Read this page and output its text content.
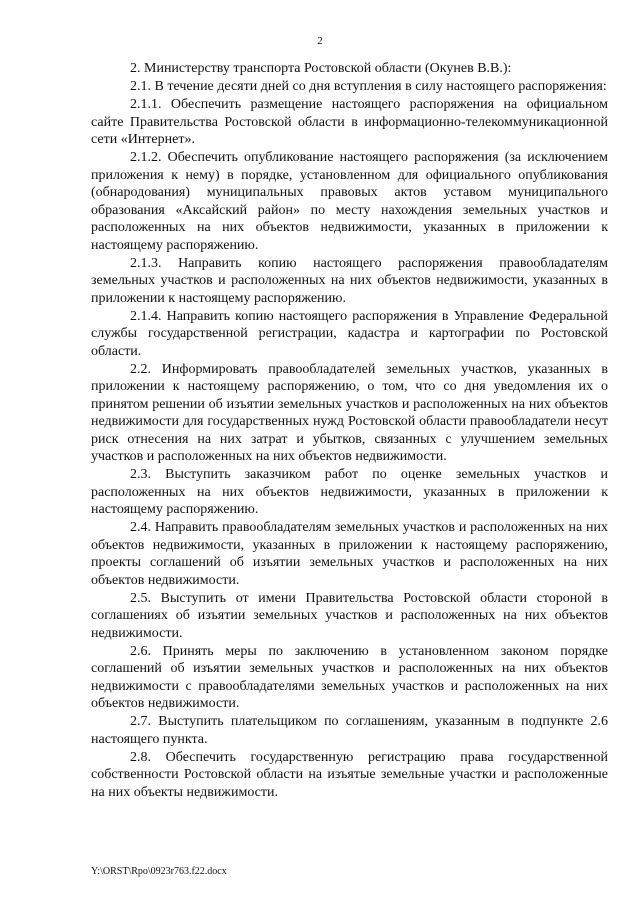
2

2. Министерству транспорта Ростовской области (Окунев В.В.):

2.1. В течение десяти дней со дня вступления в силу настоящего распоряжения:

2.1.1. Обеспечить размещение настоящего распоряжения на официальном сайте Правительства Ростовской области в информационно-телекоммуникационной сети «Интернет».

2.1.2. Обеспечить опубликование настоящего распоряжения (за исключением приложения к нему) в порядке, установленном для официального опубликования (обнародования) муниципальных правовых актов уставом муниципального образования «Аксайский район» по месту нахождения земельных участков и расположенных на них объектов недвижимости, указанных в приложении к настоящему распоряжению.

2.1.3. Направить копию настоящего распоряжения правообладателям земельных участков и расположенных на них объектов недвижимости, указанных в приложении к настоящему распоряжению.

2.1.4. Направить копию настоящего распоряжения в Управление Федеральной службы государственной регистрации, кадастра и картографии по Ростовской области.

2.2. Информировать правообладателей земельных участков, указанных в приложении к настоящему распоряжению, о том, что со дня уведомления их о принятом решении об изъятии земельных участков и расположенных на них объектов недвижимости для государственных нужд Ростовской области правообладатели несут риск отнесения на них затрат и убытков, связанных с улучшением земельных участков и расположенных на них объектов недвижимости.

2.3. Выступить заказчиком работ по оценке земельных участков и расположенных на них объектов недвижимости, указанных в приложении к настоящему распоряжению.

2.4. Направить правообладателям земельных участков и расположенных на них объектов недвижимости, указанных в приложении к настоящему распоряжению, проекты соглашений об изъятии земельных участков и расположенных на них объектов недвижимости.

2.5. Выступить от имени Правительства Ростовской области стороной в соглашениях об изъятии земельных участков и расположенных на них объектов недвижимости.

2.6. Принять меры по заключению в установленном законом порядке соглашений об изъятии земельных участков и расположенных на них объектов недвижимости с правообладателями земельных участков и расположенных на них объектов недвижимости.

2.7. Выступить плательщиком по соглашениям, указанным в подпункте 2.6 настоящего пункта.

2.8. Обеспечить государственную регистрацию права государственной собственности Ростовской области на изъятые земельные участки и расположенные на них объекты недвижимости.

Y:\ORST\Rpo\0923r763.f22.docx
